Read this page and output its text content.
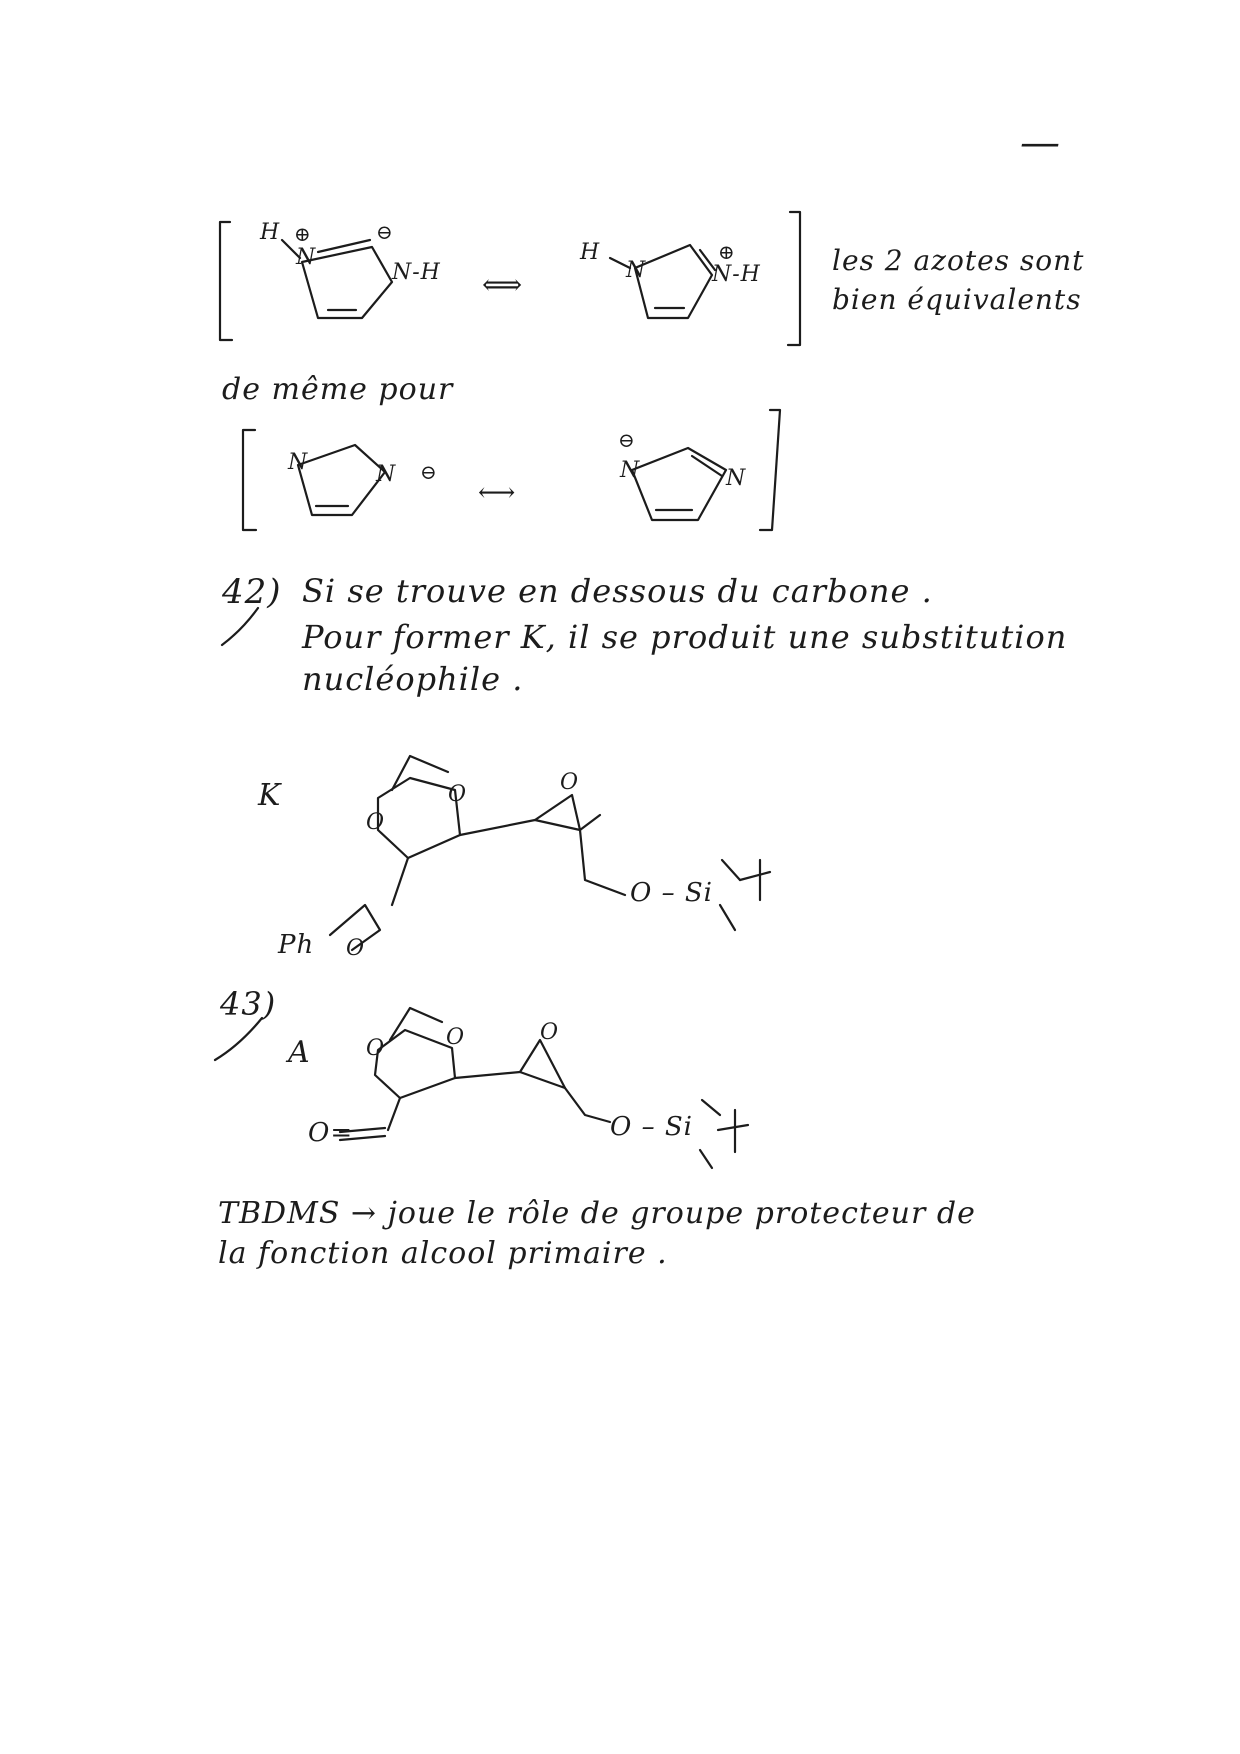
—
H ⊕
N
⊖
N-H ⟺
H
N
⊕
N-H	les 2 azotes sont
bien équivalents
de même pour
N	N ⊖
⟷
⊖
N	N
42) Si se trouve en dessous du carbone .
Pour former K, il se produit une substitution
nucléophile .
K
O
O	O
O
Ph
O – Si
43)
A	O	O	O
O=	O – Si
TBDMS → joue le rôle de groupe protecteur de
la fonction alcool primaire .
